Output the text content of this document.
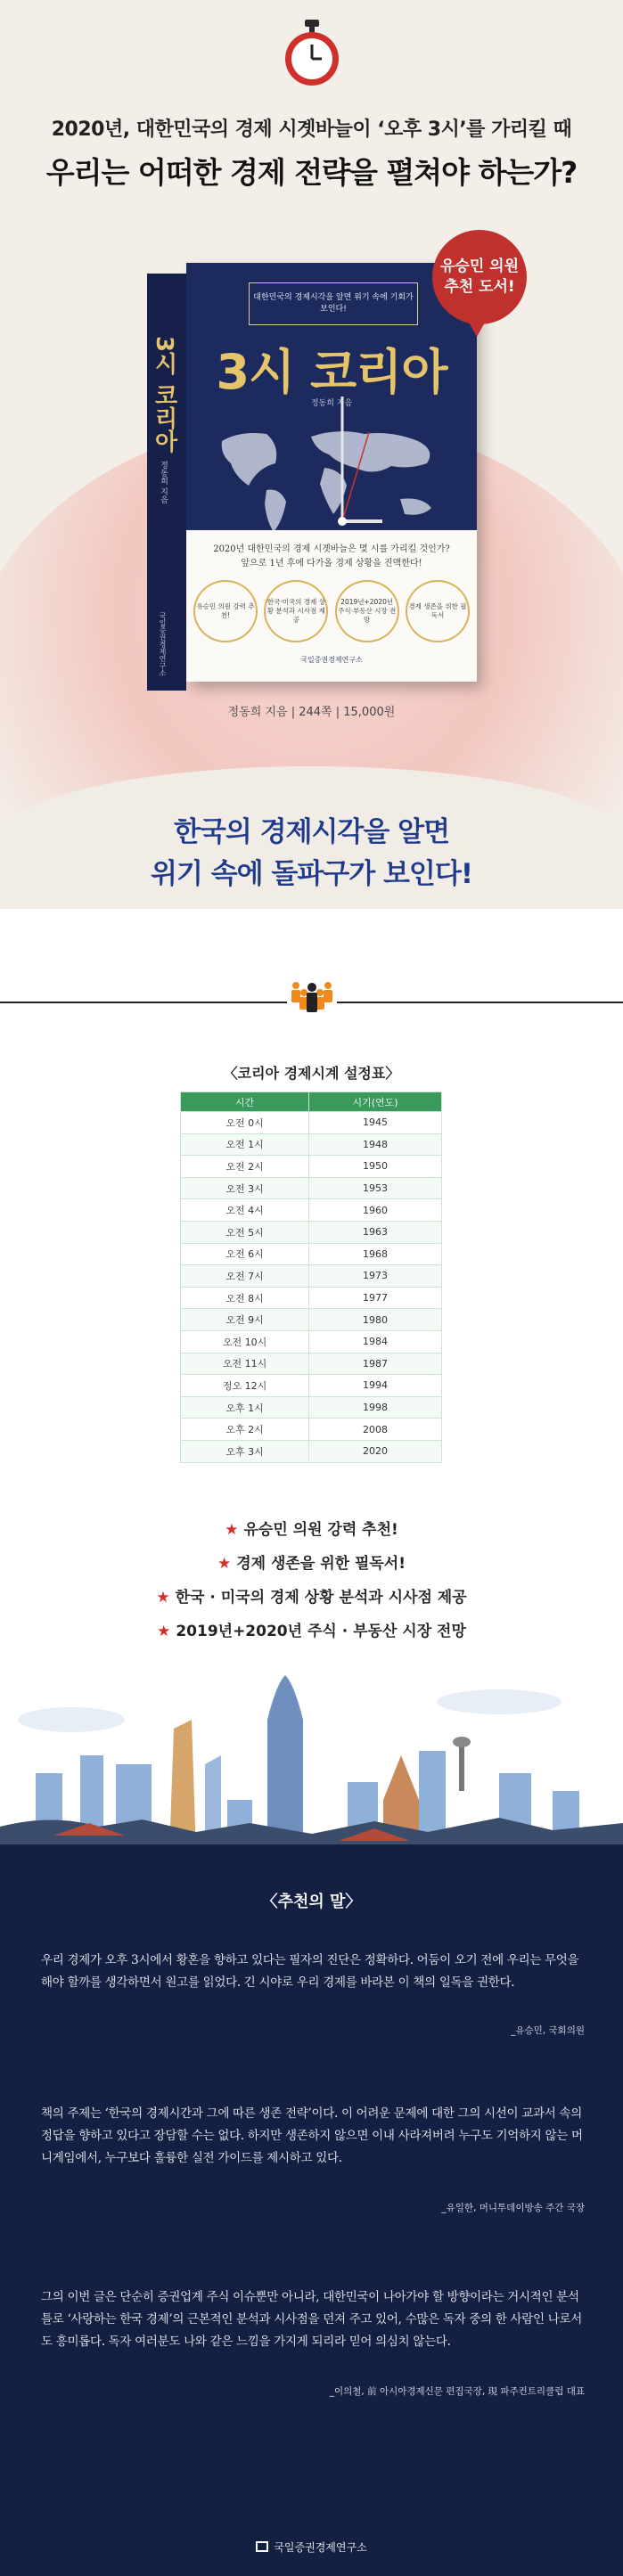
2020년, 대한민국의 경제 시곗바늘이 ‘오후 3시’를 가리킬 때
우리는 어떠한 경제 전략을 펼쳐야 하는가?
3시 코리아
정동희 지음
국일증권경제연구소
대한민국의 경제시각을 알면 위기 속에 기회가 보인다!
3시 코리아
정동희 지음
2020년 대한민국의 경제 시곗바늘은 몇 시를 가리킬 것인가?
앞으로 1년 후에 다가올 경제 상황을 진맥한다!
유승민 의원 강력 추천!
한국·미국의 경제 상황 분석과 시사점 제공
2019년+2020년 주식·부동산 시장 전망
경제 생존을 위한 필독서
국일증권경제연구소
유승민 의원
추천 도서!
정동희 지음 | 244쪽 | 15,000원
한국의 경제시각을 알면
위기 속에 돌파구가 보인다!
〈코리아 경제시계 설정표〉
시간	시기(연도)
오전 0시	1945
오전 1시	1948
오전 2시	1950
오전 3시	1953
오전 4시	1960
오전 5시	1963
오전 6시	1968
오전 7시	1973
오전 8시	1977
오전 9시	1980
오전 10시	1984
오전 11시	1987
정오 12시	1994
오후 1시	1998
오후 2시	2008
오후 3시	2020
★ 유승민 의원 강력 추천!
★ 경제 생존을 위한 필독서!
★ 한국 · 미국의 경제 상황 분석과 시사점 제공
★ 2019년+2020년 주식 · 부동산 시장 전망
〈추천의 말〉
우리 경제가 오후 3시에서 황혼을 향하고 있다는 필자의 진단은 정확하다. 어둠이 오기 전에 우리는 무엇을 해야 할까를 생각하면서 원고를 읽었다. 긴 시야로 우리 경제를 바라본 이 책의 일독을 권한다.
_유승민, 국회의원
책의 주제는 ‘한국의 경제시간과 그에 따른 생존 전략’이다. 이 어려운 문제에 대한 그의 시선이 교과서 속의 정답을 향하고 있다고 장담할 수는 없다. 하지만 생존하지 않으면 이내 사라져버려 누구도 기억하지 않는 머니게임에서, 누구보다 훌륭한 실전 가이드를 제시하고 있다.
_유일한, 머니투데이방송 주간 국장
그의 이번 글은 단순히 증권업계 주식 이슈뿐만 아니라, 대한민국이 나아가야 할 방향이라는 거시적인 분석 틀로 ‘사랑하는 한국 경제’의 근본적인 분석과 시사점을 던져 주고 있어, 수많은 독자 중의 한 사람인 나로서도 흥미롭다. 독자 여러분도 나와 같은 느낌을 가지게 되리라 믿어 의심치 않는다.
_이의철, 前 아시아경제신문 편집국장, 現 파주컨트리클럽 대표
국일증권경제연구소
